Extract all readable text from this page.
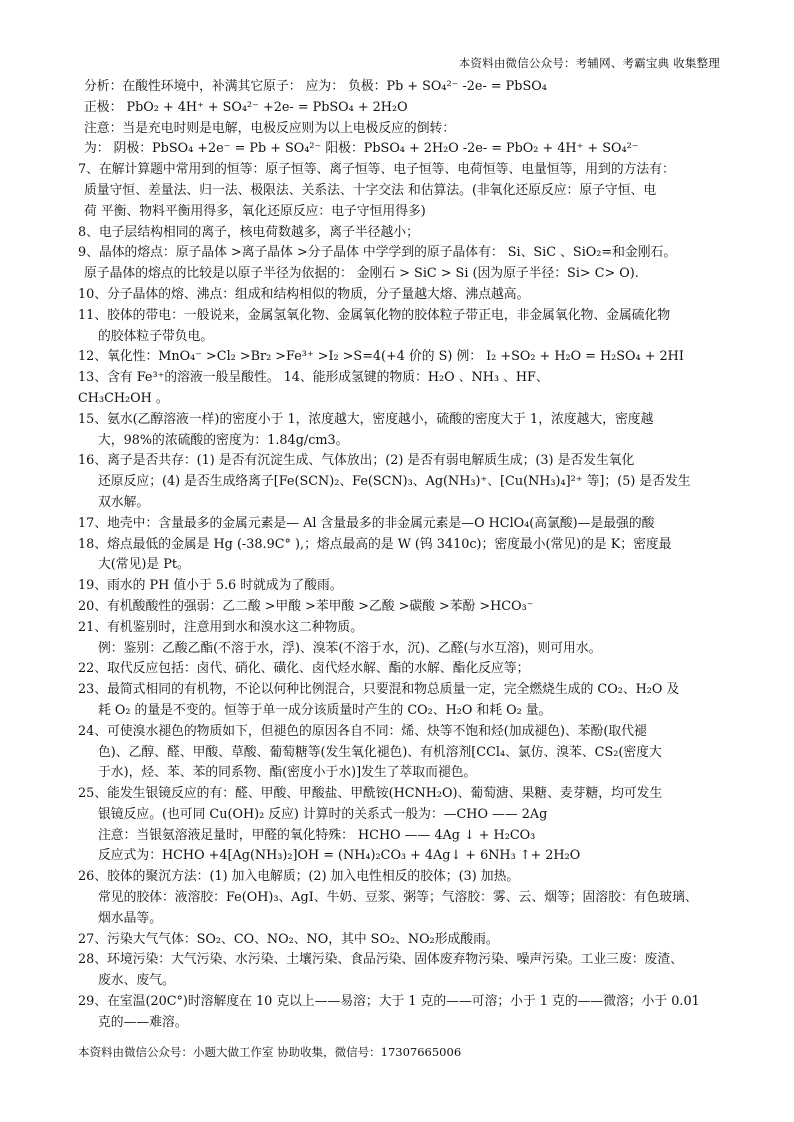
本资料由微信公众号：考辅网、考霸宝典 收集整理
分析：在酸性环境中，补满其它原子： 应为： 负极：Pb + SO₄²⁻ -2e- = PbSO₄
正极： PbO₂ + 4H⁺ + SO₄²⁻ +2e- = PbSO₄ + 2H₂O
注意：当是充电时则是电解，电极反应则为以上电极反应的倒转：
为： 阴极：PbSO₄ +2e⁻ = Pb + SO₄²⁻ 阳极：PbSO₄ + 2H₂O -2e- = PbO₂ + 4H⁺ + SO₄²⁻
7、在解计算题中常用到的恒等：原子恒等、离子恒等、电子恒等、电荷恒等、电量恒等，用到的方法有：
质量守恒、差量法、归一法、极限法、关系法、十字交法 和估算法。(非氧化还原反应：原子守恒、电
荷 平衡、物料平衡用得多，氧化还原反应：电子守恒用得多)
8、电子层结构相同的离子，核电荷数越多，离子半径越小；
9、晶体的熔点：原子晶体 >离子晶体 >分子晶体 中学学到的原子晶体有： Si、SiC 、SiO₂=和金刚石。
原子晶体的熔点的比较是以原子半径为依据的： 金刚石 > SiC > Si (因为原子半径：Si> C> O).
10、分子晶体的熔、沸点：组成和结构相似的物质，分子量越大熔、沸点越高。
11、胶体的带电：一般说来，金属氢氧化物、金属氧化物的胶体粒子带正电，非金属氧化物、金属硫化物
的胶体粒子带负电。
12、氧化性：MnO₄⁻ >Cl₂ >Br₂ >Fe³⁺ >I₂ >S=4(+4 价的 S) 例： I₂ +SO₂ + H₂O = H₂SO₄ + 2HI
13、含有 Fe³⁺的溶液一般呈酸性。 14、能形成氢键的物质：H₂O 、NH₃ 、HF、
CH₃CH₂OH 。
15、氨水(乙醇溶液一样)的密度小于 1，浓度越大，密度越小，硫酸的密度大于 1，浓度越大，密度越
大，98%的浓硫酸的密度为：1.84g/cm3。
16、离子是否共存：(1) 是否有沉淀生成、气体放出；(2) 是否有弱电解质生成；(3) 是否发生氧化
还原反应；(4) 是否生成络离子[Fe(SCN)₂、Fe(SCN)₃、Ag(NH₃)⁺、[Cu(NH₃)₄]²⁺ 等]；(5) 是否发生
双水解。
17、地壳中：含量最多的金属元素是— Al 含量最多的非金属元素是—O HClO₄(高氯酸)—是最强的酸
18、熔点最低的金属是 Hg (-38.9C° ),；熔点最高的是 W (钨 3410c)；密度最小(常见)的是 K；密度最
大(常见)是 Pt。
19、雨水的 PH 值小于 5.6 时就成为了酸雨。
20、有机酸酸性的强弱：乙二酸 >甲酸 >苯甲酸 >乙酸 >碳酸 >苯酚 >HCO₃⁻
21、有机鉴别时，注意用到水和溴水这二种物质。
例：鉴别：乙酸乙酯(不溶于水，浮)、溴苯(不溶于水，沉)、乙醛(与水互溶)，则可用水。
22、取代反应包括：卤代、硝化、磺化、卤代烃水解、酯的水解、酯化反应等；
23、最简式相同的有机物，不论以何种比例混合，只要混和物总质量一定，完全燃烧生成的 CO₂、H₂O 及
耗 O₂ 的量是不变的。恒等于单一成分该质量时产生的 CO₂、H₂O 和耗 O₂ 量。
24、可使溴水褪色的物质如下，但褪色的原因各自不同：烯、炔等不饱和烃(加成褪色)、苯酚(取代褪
色)、乙醇、醛、甲酸、草酸、葡萄糖等(发生氧化褪色)、有机溶剂[CCl₄、氯仿、溴苯、CS₂(密度大
于水)，烃、苯、苯的同系物、酯(密度小于水)]发生了萃取而褪色。
25、能发生银镜反应的有：醛、甲酸、甲酸盐、甲酰铵(HCNH₂O)、葡萄溏、果糖、麦芽糖，均可发生
银镜反应。(也可同 Cu(OH)₂ 反应) 计算时的关系式一般为：—CHO —— 2Ag
注意：当银氨溶液足量时，甲醛的氧化特殊： HCHO —— 4Ag ↓ + H₂CO₃
反应式为：HCHO +4[Ag(NH₃)₂]OH = (NH₄)₂CO₃ + 4Ag↓ + 6NH₃ ↑+ 2H₂O
26、胶体的聚沉方法：(1) 加入电解质；(2) 加入电性相反的胶体；(3) 加热。
常见的胶体：液溶胶：Fe(OH)₃、AgI、牛奶、豆浆、粥等；气溶胶：雾、云、烟等；固溶胶：有色玻璃、
烟水晶等。
27、污染大气气体：SO₂、CO、NO₂、NO，其中 SO₂、NO₂形成酸雨。
28、环境污染：大气污染、水污染、土壤污染、食品污染、固体废弃物污染、噪声污染。工业三废：废渣、
废水、废气。
29、在室温(20C°)时溶解度在 10 克以上——易溶；大于 1 克的——可溶；小于 1 克的——微溶；小于 0.01
克的——难溶。
本资料由微信公众号：小题大做工作室 协助收集，微信号：17307665006
